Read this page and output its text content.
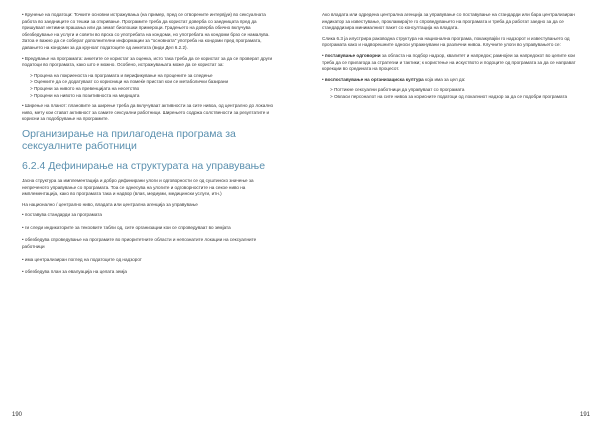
• Крунење на податоци: Точките основни истражувања (на пример, пред се отворените интервјуи) во сексуалната работа во заедниците со тешки за откривање. Програмите треба да користат доверба со заедницата пред да пришуваат интимни прашања или да земат биолошки примероци. Градењето на доверба обично вклучува обезбедување на услуги и совети во врска со употребата на кондоми, но употребата на кондоми брзо се намалува. Затоа е важно да се соберат дополнителни информации за "основната" употреба на кондоми пред програмата, давањето на кондоми за да круноат податоците од анкетата (види Дел 6.2.2).

• Вредување на програмата: анкетите се користат за оценка, исто така треба да се користат за да се проверат други податоци во програмата, како што е можно. Особено, истражувањата може да се користат за:

> Процена на покриеноста на програмата и верификување на процените за следење
> Оценките да се додатуваат со корисници на помеќе пристап кои се метаболички базирани
> Процени за нивото на превенцијата на несетство
> Процени на нивото на позитивноста на медицата

• Ширење на планот: плановите за ширење треба да вклучуваат активности за сите нивоа, од централно до локално ниво, мету кои стават активност за самите сексуални работници. Ширењето содржа солствености за резултатите и корисни за подобрување на програмите.

Организирање на прилагодена програма за сексуалните работници
6.2.4 Дефинирање на структурата на управување

Јасна структура за имплементација и добро дефинирани улоги и одговорности се од суштинско значење за непреченото управување со програмата. Тоа се однесува на улогите и одговорностите на секое ниво на имплементација, како во програмата така и надвор (влаѕ, медиуми, медицински услуги, итн.)

На национално / централно ниво, владата или централна агенција за управување

• поставува стандарди за програмата
• ги следи индикаторите за текоовите табли од, сите организации кои се спроведуваат во земјата
• обезбедува спроведување на програмите во приоритетните области и непознатите локации на сексуалните работници
• има централизиран поглед на податоците од надзорот
• обезбедува план за евалуација на целата земја
190

Ако владата или одредена централна агенција за управување со поставување на стандарди или бара централизиран индикатор за известување, прокламирајте го спроведувањето на програмата и треба да работат заедно за да се стандардизира минималниот пакет со консултација на владата.

Слика 6.3 ја илустрира раководна структура на национална програма, покажувајќи го надзорот и известувањето од програмата како и надворешните односи упражнувани на различни нивоа. Клучните улоги во управувањето се:

• поставување одговорни за областа на подбор надзор, квалитет и напредок; рамнојеи за напредокот во целите кои треба да се прилагода за стратегии и тактики; к користење на искуството и подоците од програмата за да се направат корекции во средината на процесот.

• воспоставување на организациска култура која има за цел да:

> Поттикне сексуални работници да управуваат со програмата
> Овласи персоналот на сите нивоа за корисните податоци од локалниот надзор за да се подобри програмата
191
